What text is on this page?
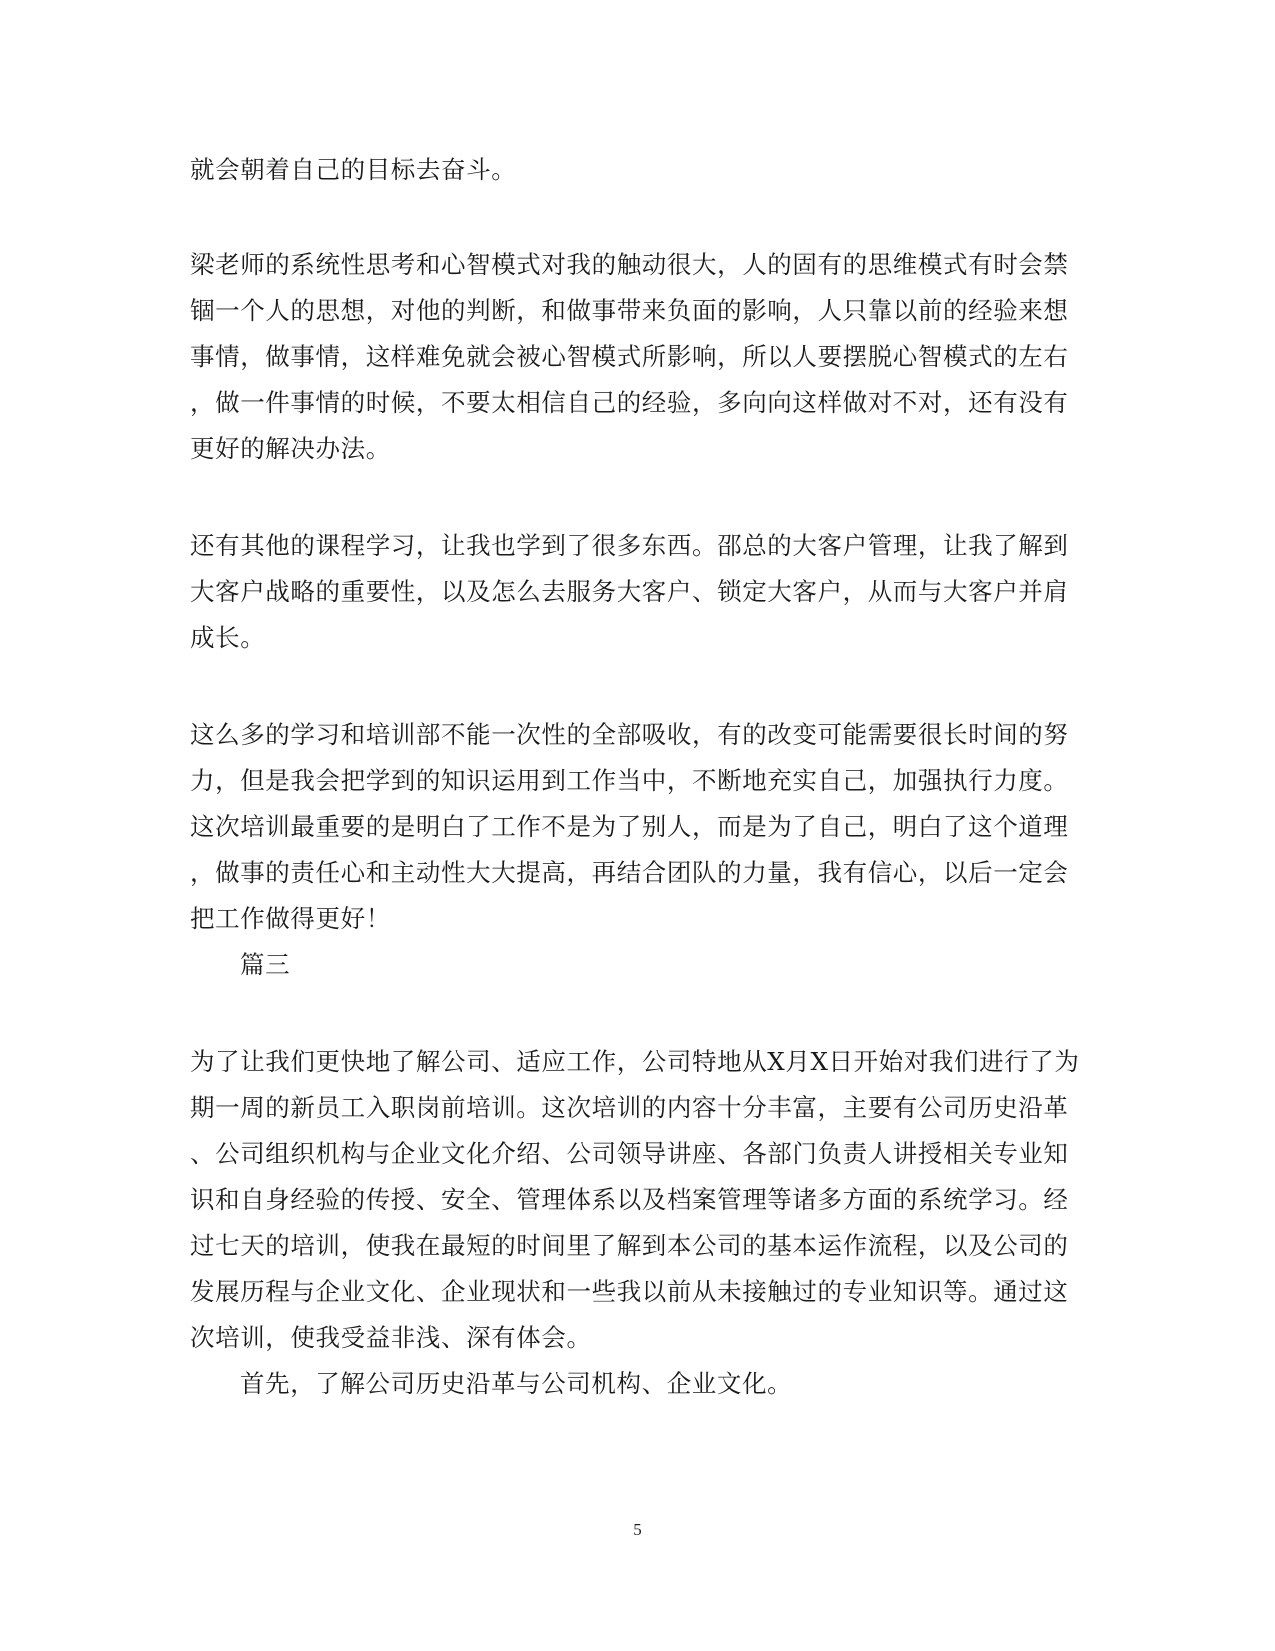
就会朝着自己的目标去奋斗。
梁老师的系统性思考和心智模式对我的触动很大，人的固有的思维模式有时会禁
锢一个人的思想，对他的判断，和做事带来负面的影响，人只靠以前的经验来想
事情，做事情，这样难免就会被心智模式所影响，所以人要摆脱心智模式的左右
，做一件事情的时候，不要太相信自己的经验，多向向这样做对不对，还有没有
更好的解决办法。
还有其他的课程学习，让我也学到了很多东西。邵总的大客户管理，让我了解到
大客户战略的重要性，以及怎么去服务大客户、锁定大客户，从而与大客户并肩
成长。
这么多的学习和培训部不能一次性的全部吸收，有的改变可能需要很长时间的努
力，但是我会把学到的知识运用到工作当中，不断地充实自己，加强执行力度。
这次培训最重要的是明白了工作不是为了别人，而是为了自己，明白了这个道理
，做事的责任心和主动性大大提高，再结合团队的力量，我有信心，以后一定会
把工作做得更好！
篇三
为了让我们更快地了解公司、适应工作，公司特地从X月X日开始对我们进行了为
期一周的新员工入职岗前培训。这次培训的内容十分丰富，主要有公司历史沿革
、公司组织机构与企业文化介绍、公司领导讲座、各部门负责人讲授相关专业知
识和自身经验的传授、安全、管理体系以及档案管理等诸多方面的系统学习。经
过七天的培训，使我在最短的时间里了解到本公司的基本运作流程，以及公司的
发展历程与企业文化、企业现状和一些我以前从未接触过的专业知识等。通过这
次培训，使我受益非浅、深有体会。
首先，了解公司历史沿革与公司机构、企业文化。
5
